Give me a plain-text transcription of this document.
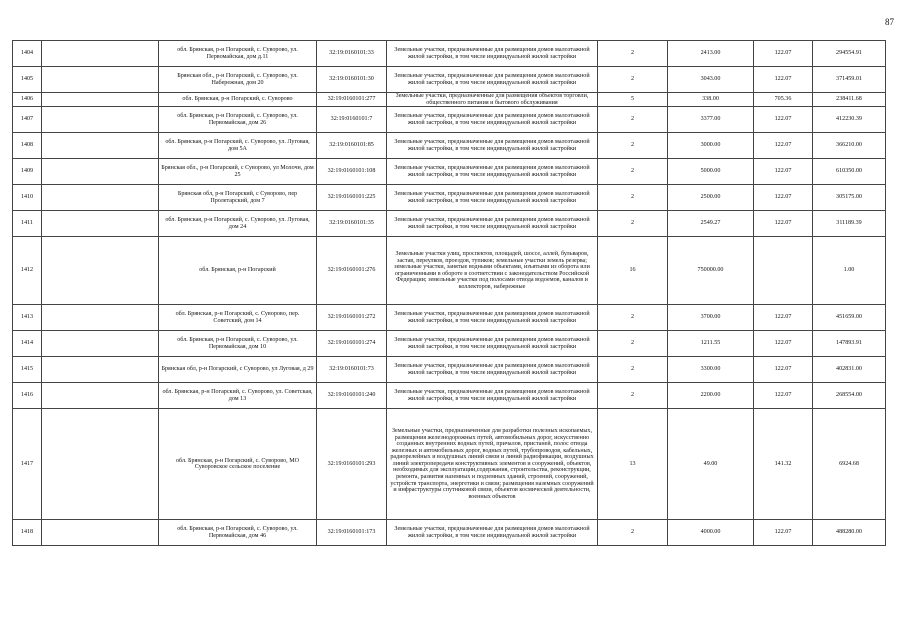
87
1404		обл. Брянская, р-н Погарский, с. Суворово, ул. Первомайская, дом д.11	32:19:0160101:33	Земельные участки, предназначенные для размещения домов малоэтажной жилой застройки, в том числе индивидуальной жилой застройки	2	2413.00	122.07	294554.91
1405		Брянская обл., р-н Погарский, с. Суворово, ул. Набережная, дом 20	32:19:0160101:30	Земельные участки, предназначенные для размещения домов малоэтажной жилой застройки, в том числе индивидуальной жилой застройки	2	3043.00	122.07	371459.01
1406		обл. Брянская, р-н Погарский, с. Суворово	32:19:0160101:277	Земельные участки, предназначенные для размещения объектов торговли, общественного питания и бытового обслуживания	5	338.00	705.36	238411.68
1407		обл. Брянская, р-н Погарский, с. Суворово, ул. Первомайская, дом 26	32:19:0160101:7	Земельные участки, предназначенные для размещения домов малоэтажной жилой застройки, в том числе индивидуальной жилой застройки	2	3377.00	122.07	412230.39
1408		обл. Брянская, р-н Погарский, с. Суворово, ул. Луговая, дом 5А	32:19:0160101:85	Земельные участки, предназначенные для размещения домов малоэтажной жилой застройки, в том числе индивидуальной жилой застройки	2	3000.00	122.07	366210.00
1409		Брянская обл., р-н Погарский, с Суворово, ул Молочн, дом 25	32:19:0160101:108	Земельные участки, предназначенные для размещения домов малоэтажной жилой застройки, в том числе индивидуальной жилой застройки	2	5000.00	122.07	610350.00
1410		Брянская обл, р-н Погарский, с Суворово, пер Пролетарский, дом 7	32:19:0160101:225	Земельные участки, предназначенные для размещения домов малоэтажной жилой застройки, в том числе индивидуальной жилой застройки	2	2500.00	122.07	305175.00
1411		обл. Брянская, р-н Погарский, с. Суворово, ул. Луговая, дом 24	32:19:0160101:35	Земельные участки, предназначенные для размещения домов малоэтажной жилой застройки, в том числе индивидуальной жилой застройки	2	2549.27	122.07	311189.39
1412		обл. Брянская, р-н Погарский	32:19:0160101:276	Земельные участки улиц, проспектов, площадей, шоссе, аллей, бульваров, застав, переулков, проездов, тупиков; земельные участки земель резерва; земельные участки, занятые водными объектами, изъятыми из оборота или ограниченными в обороте в соответствии с законодательством Российской Федерации; земельные участки под полосами отвода водоемов, каналов и коллекторов, набережные	16	750000.00		1.00
1413		обл. Брянская, р-н Погарский, с. Суворово, пер. Советский, дом 14	32:19:0160101:272	Земельные участки, предназначенные для размещения домов малоэтажной жилой застройки, в том числе индивидуальной жилой застройки	2	3700.00	122.07	451659.00
1414		обл. Брянская, р-н Погарский, с. Суворово, ул. Первомайская, дом 10	32:19:0160101:274	Земельные участки, предназначенные для размещения домов малоэтажной жилой застройки, в том числе индивидуальной жилой застройки	2	1211.55	122.07	147893.91
1415		Брянская обл, р-н Погарский, с Суворово, ул Луговая, д 29	32:19:0160101:73	Земельные участки, предназначенные для размещения домов малоэтажной жилой застройки, в том числе индивидуальной жилой застройки	2	3300.00	122.07	402831.00
1416		обл. Брянская, р-н Погарский, с. Суворово, ул. Советская, дом 13	32:19:0160101:240	Земельные участки, предназначенные для размещения домов малоэтажной жилой застройки, в том числе индивидуальной жилой застройки	2	2200.00	122.07	268554.00
1417		обл. Брянская, р-н Погарский, с. Суворово, МО Суворовское сельское поселение	32:19:0160101:293	Земельные участки, предназначенные для разработки полезных ископаемых, размещения железнодорожных путей, автомобильных дорог, искусственно созданных внутренних водных путей, причалов, пристаней, полос отвода железных и автомобильных дорог, водных путей, трубопроводов, кабельных, радиорелейных и воздушных линий связи и линий радиофикации, воздушных линий электропередачи конструктивных элементов и сооружений, объектов, необходимых для эксплуатации,содержания, строительства, реконструкции, ремонта, развития наземных и подземных зданий, строений, сооружений, устройств транспорта, энергетики и связи; размещения наземных сооружений и инфраструктуры спутниковой связи, объектов космической деятельности, военных объектов	13	49.00	141.32	6924.68
1418		обл. Брянская, р-н Погарский, с. Суворово, ул. Первомайская, дом 46	32:19:0160101:173	Земельные участки, предназначенные для размещения домов малоэтажной жилой застройки, в том числе индивидуальной жилой застройки	2	4000.00	122.07	488280.00
